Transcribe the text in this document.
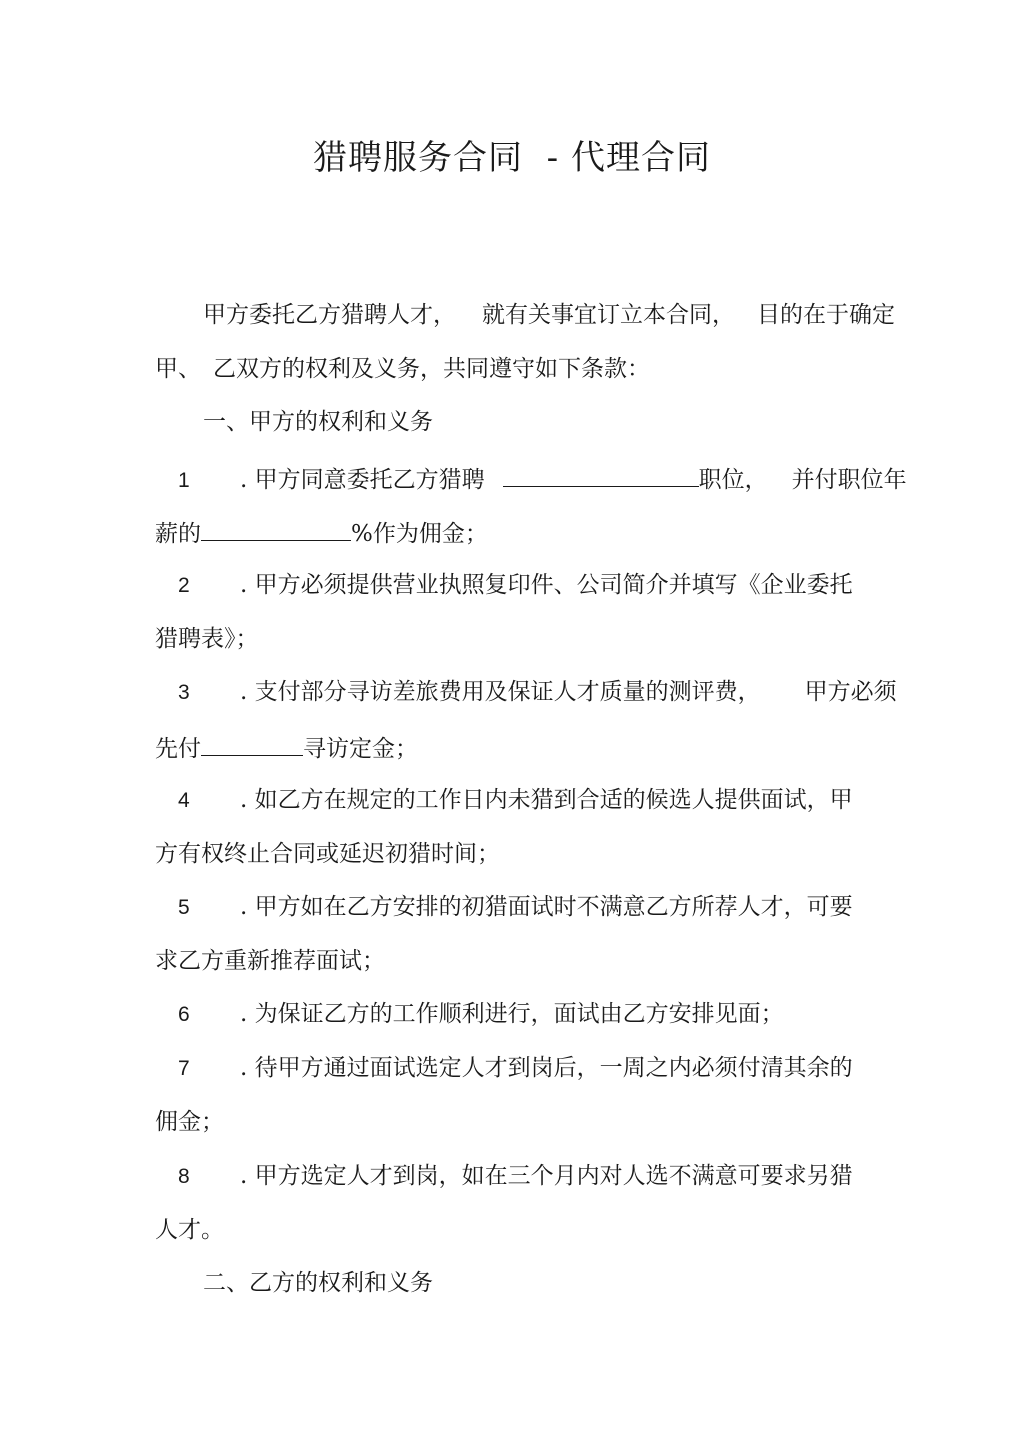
猎聘服务合同  - 代理合同
甲方委托乙方猎聘人才， 就有关事宜订立本合同， 目的在于确定
甲、 乙双方的权利及义务，共同遵守如下条款：
一、甲方的权利和义务
1 . 甲方同意委托乙方猎聘	职位， 并付职位年
薪的	%作为佣金；
2 . 甲方必须提供营业执照复印件、公司简介并填写《企业委托
猎聘表》；
3 . 支付部分寻访差旅费用及保证人才质量的测评费， 甲方必须
先付	寻访定金；
4 . 如乙方在规定的工作日内未猎到合适的候选人提供面试，甲
方有权终止合同或延迟初猎时间；
5 . 甲方如在乙方安排的初猎面试时不满意乙方所荐人才，可要
求乙方重新推荐面试；
6 . 为保证乙方的工作顺利进行，面试由乙方安排见面；
7 . 待甲方通过面试选定人才到岗后，一周之内必须付清其余的
佣金；
8 . 甲方选定人才到岗，如在三个月内对人选不满意可要求另猎
人才。
二、乙方的权利和义务
